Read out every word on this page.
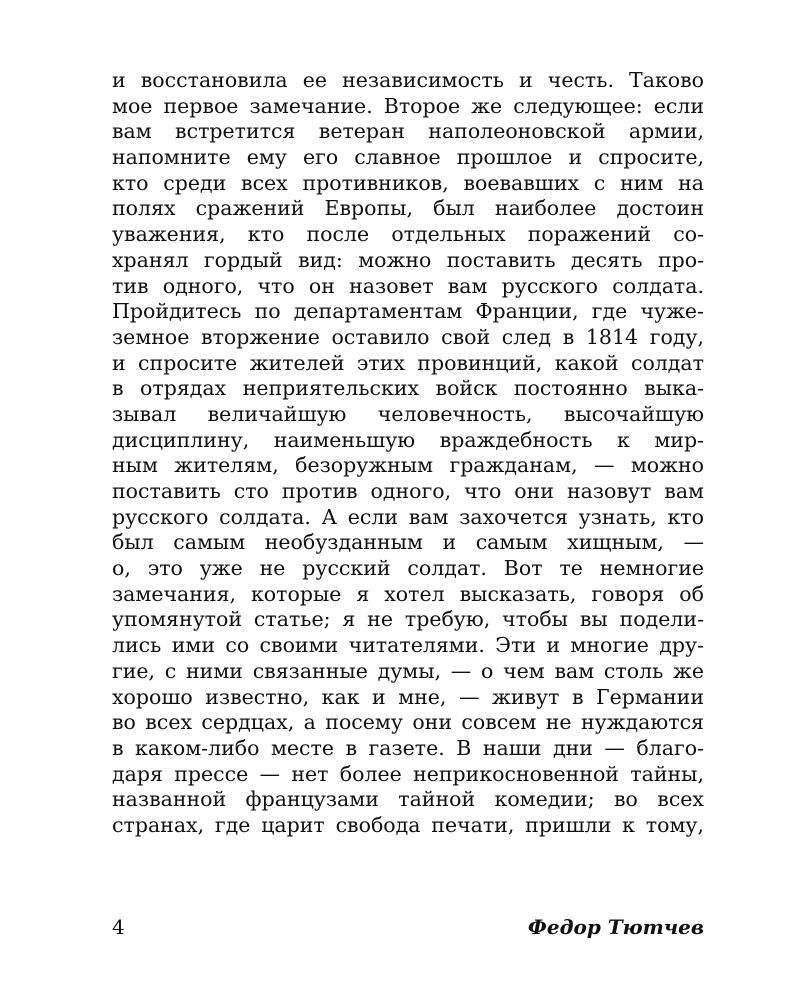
и восстановила ее независимость и честь. Таково
мое первое замечание. Второе же следующее: если
вам встретится ветеран наполеоновской армии,
напомните ему его славное прошлое и спросите,
кто среди всех противников, воевавших с ним на
полях сражений Европы, был наиболее достоин
уважения, кто после отдельных поражений со-
хранял гордый вид: можно поставить десять про-
тив одного, что он назовет вам русского солдата.
Пройдитесь по департаментам Франции, где чуже-
земное вторжение оставило свой след в 1814 году,
и спросите жителей этих провинций, какой солдат
в отрядах неприятельских войск постоянно выка-
зывал величайшую человечность, высочайшую
дисциплину, наименьшую враждебность к мир-
ным жителям, безоружным гражданам, — можно
поставить сто против одного, что они назовут вам
русского солдата. А если вам захочется узнать, кто
был самым необузданным и самым хищным, —
о, это уже не русский солдат. Вот те немногие
замечания, которые я хотел высказать, говоря об
упомянутой статье; я не требую, чтобы вы подели-
лись ими со своими читателями. Эти и многие дру-
гие, с ними связанные думы, — о чем вам столь же
хорошо известно, как и мне, — живут в Германии
во всех сердцах, а посему они совсем не нуждаются
в каком-либо месте в газете. В наши дни — благо-
даря прессе — нет более неприкосновенной тайны,
названной французами тайной комедии; во всех
странах, где царит свобода печати, пришли к тому,
4	Федор Тютчев
